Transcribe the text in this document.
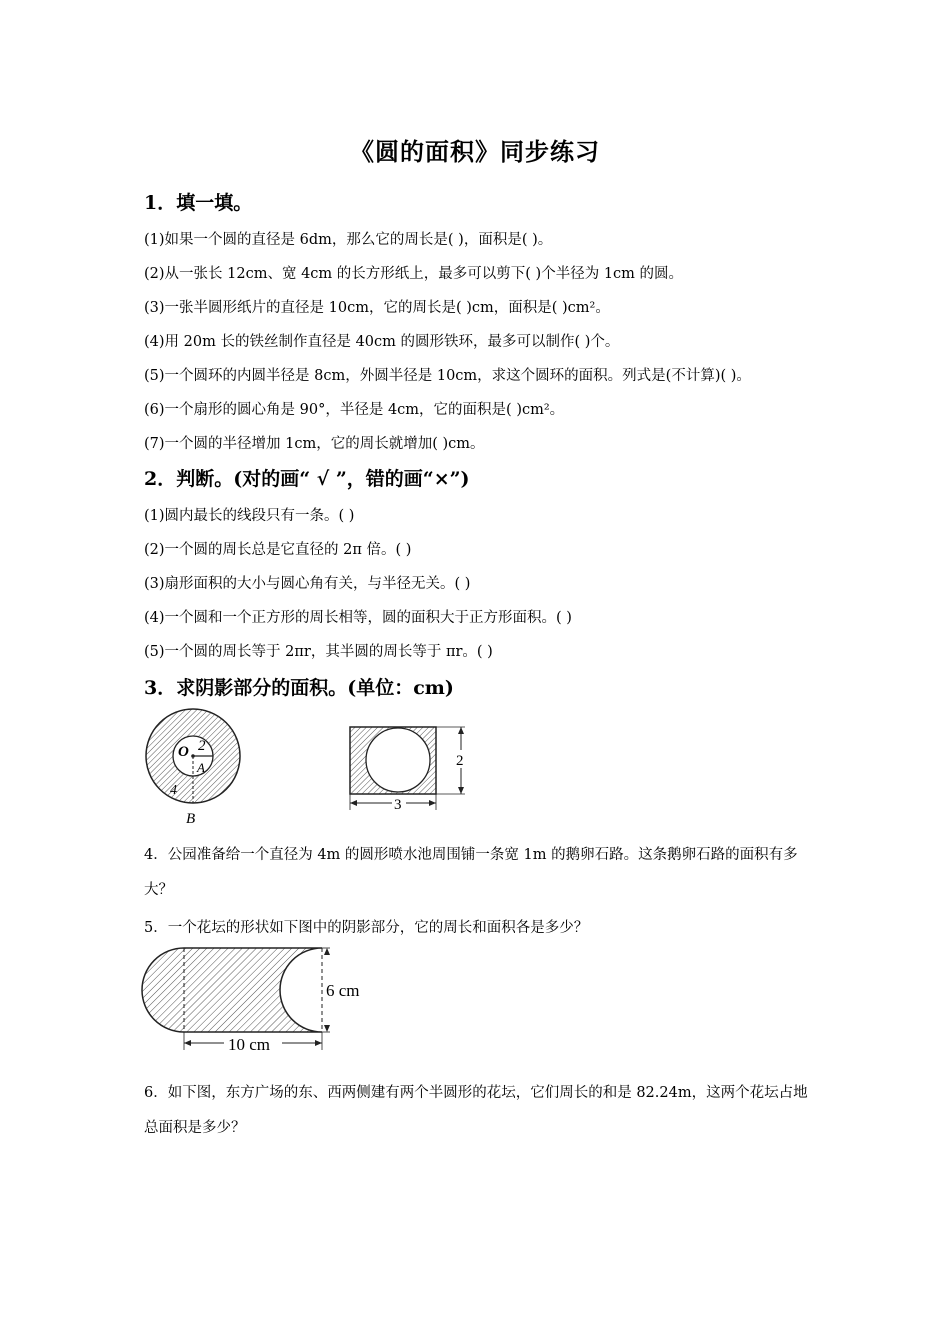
《圆的面积》同步练习
1．填一填。
(1)如果一个圆的直径是 6dm，那么它的周长是( )，面积是( )。
(2)从一张长 12cm、宽 4cm 的长方形纸上，最多可以剪下( )个半径为 1cm 的圆。
(3)一张半圆形纸片的直径是 10cm，它的周长是( )cm，面积是( )cm²。
(4)用 20m 长的铁丝制作直径是 40cm 的圆形铁环，最多可以制作( )个。
(5)一个圆环的内圆半径是 8cm，外圆半径是 10cm，求这个圆环的面积。列式是(不计算)( )。
(6)一个扇形的圆心角是 90°，半径是 4cm，它的面积是( )cm²。
(7)一个圆的半径增加 1cm，它的周长就增加( )cm。
2．判断。(对的画“ √ ”，错的画“×”)
(1)圆内最长的线段只有一条。( )
(2)一个圆的周长总是它直径的 2π 倍。( )
(3)扇形面积的大小与圆心角有关，与半径无关。( )
(4)一个圆和一个正方形的周长相等，圆的面积大于正方形面积。( )
(5)一个圆的周长等于 2πr，其半圆的周长等于 πr。( )
3．求阴影部分的面积。(单位：cm)
O 2
A
4
B
2
3
4．公园准备给一个直径为 4m 的圆形喷水池周围铺一条宽 1m 的鹅卵石路。这条鹅卵石路的面积有多大？
5．一个花坛的形状如下图中的阴影部分，它的周长和面积各是多少？
6 cm
10 cm
6．如下图，东方广场的东、西两侧建有两个半圆形的花坛，它们周长的和是 82.24m，这两个花坛占地总面积是多少？
